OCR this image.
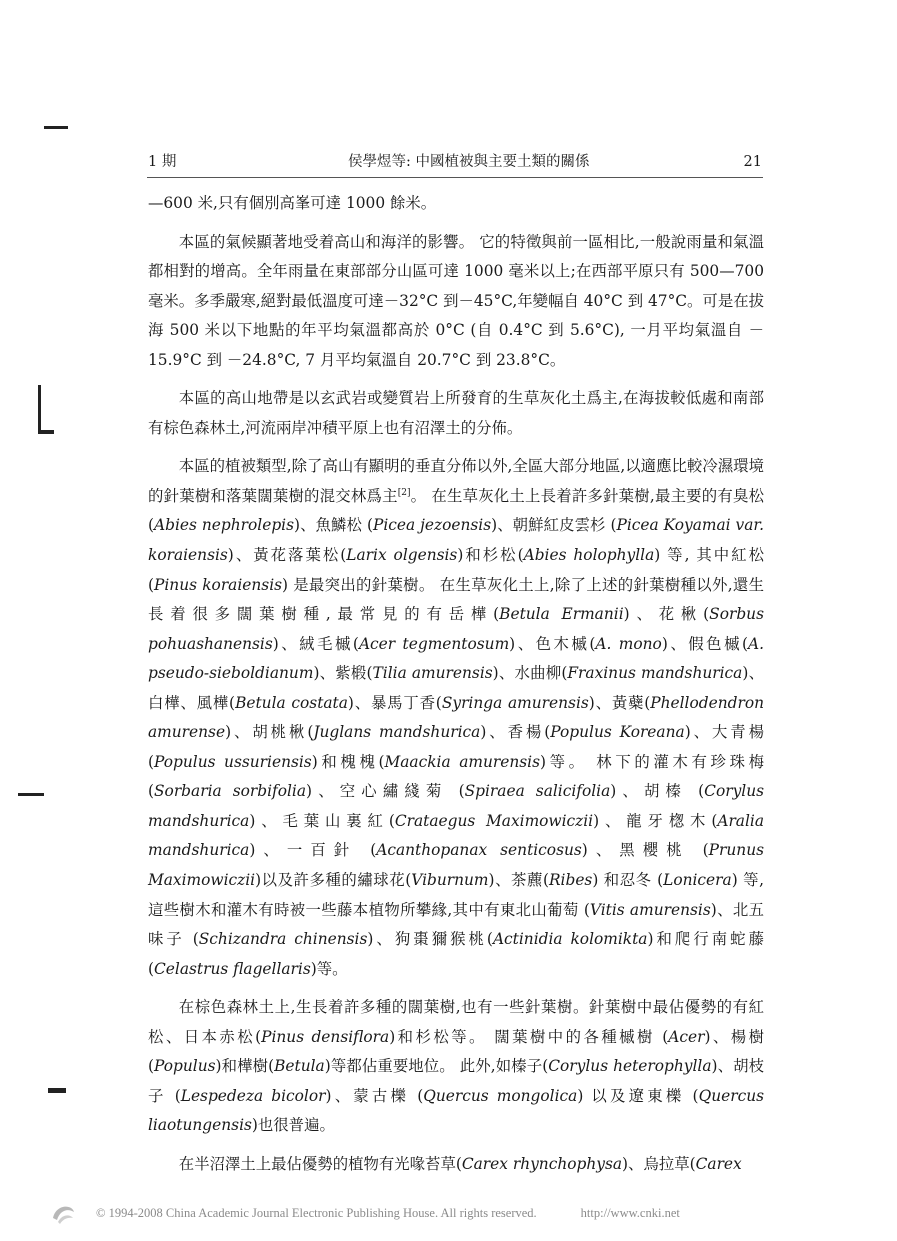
1 期	侯學煜等: 中國植被與主要土類的關係	21

—600 米,只有個別高峯可達 1000 餘米。

本區的氣候顯著地受着高山和海洋的影響。 它的特徵與前一區相比,一般說雨量和氣溫都相對的增高。全年雨量在東部部分山區可達 1000 毫米以上;在西部平原只有 500—700 毫米。多季嚴寒,絕對最低溫度可達－32°C 到－45°C,年變幅自 40°C 到 47°C。可是在拔海 500 米以下地點的年平均氣溫都高於 0°C (自 0.4°C 到 5.6°C), 一月平均氣溫自 －15.9°C 到 －24.8°C, 7 月平均氣溫自 20.7°C 到 23.8°C。

本區的高山地帶是以玄武岩或變質岩上所發育的生草灰化土爲主,在海拔較低處和南部有棕色森林土,河流兩岸冲積平原上也有沼澤土的分佈。

本區的植被類型,除了高山有顯明的垂直分佈以外,全區大部分地區,以適應比較冷濕環境的針葉樹和落葉闊葉樹的混交林爲主[2]。 在生草灰化土上長着許多針葉樹,最主要的有臭松 (Abies nephrolepis)、魚鱗松 (Picea jezoensis)、朝鮮紅皮雲杉 (Picea Koyamai var. koraiensis)、黃花落葉松(Larix olgensis)和杉松(Abies holophylla) 等, 其中紅松 (Pinus koraiensis) 是最突出的針葉樹。 在生草灰化土上,除了上述的針葉樹種以外,還生長着很多闊葉樹種,最常見的有岳樺(Betula Ermanii)、花楸(Sorbus pohuashanensis)、絨毛槭(Acer tegmentosum)、色木槭(A. mono)、假色槭(A. pseudo-sieboldianum)、紫椴(Tilia amurensis)、水曲柳(Fraxinus mandshurica)、白樺、風樺(Betula costata)、暴馬丁香(Syringa amurensis)、黃蘗(Phellodendron amurense)、胡桃楸(Juglans mandshurica)、香楊(Populus Koreana)、大青楊(Populus ussuriensis)和槐槐(Maackia amurensis)等。 林下的灌木有珍珠梅 (Sorbaria sorbifolia)、空心繡綫菊 (Spiraea salicifolia)、胡榛 (Corylus mandshurica)、毛葉山裏紅(Crataegus Maximowiczii)、龍牙楤木(Aralia mandshurica)、一百針 (Acanthopanax senticosus)、黑櫻桃 (Prunus Maximowiczii)以及許多種的繡球花(Viburnum)、茶藨(Ribes) 和忍冬 (Lonicera) 等, 這些樹木和灌木有時被一些藤本植物所攀緣,其中有東北山葡萄 (Vitis amurensis)、北五味子 (Schizandra chinensis)、狗棗獮猴桃(Actinidia kolomikta)和爬行南蛇藤(Celastrus flagellaris)等。

在棕色森林土上,生長着許多種的闊葉樹,也有一些針葉樹。針葉樹中最佔優勢的有紅松、日本赤松(Pinus densiflora)和杉松等。 闊葉樹中的各種槭樹 (Acer)、楊樹 (Populus)和樺樹(Betula)等都佔重要地位。 此外,如榛子(Corylus heterophylla)、胡枝子 (Lespedeza bicolor)、蒙古櫟 (Quercus mongolica) 以及遼東櫟 (Quercus liaotungensis)也很普遍。

在半沼澤土上最佔優勢的植物有光喙苔草(Carex rhynchophysa)、烏拉草(Carex

© 1994-2008 China Academic Journal Electronic Publishing House. All rights reserved.	http://www.cnki.net
